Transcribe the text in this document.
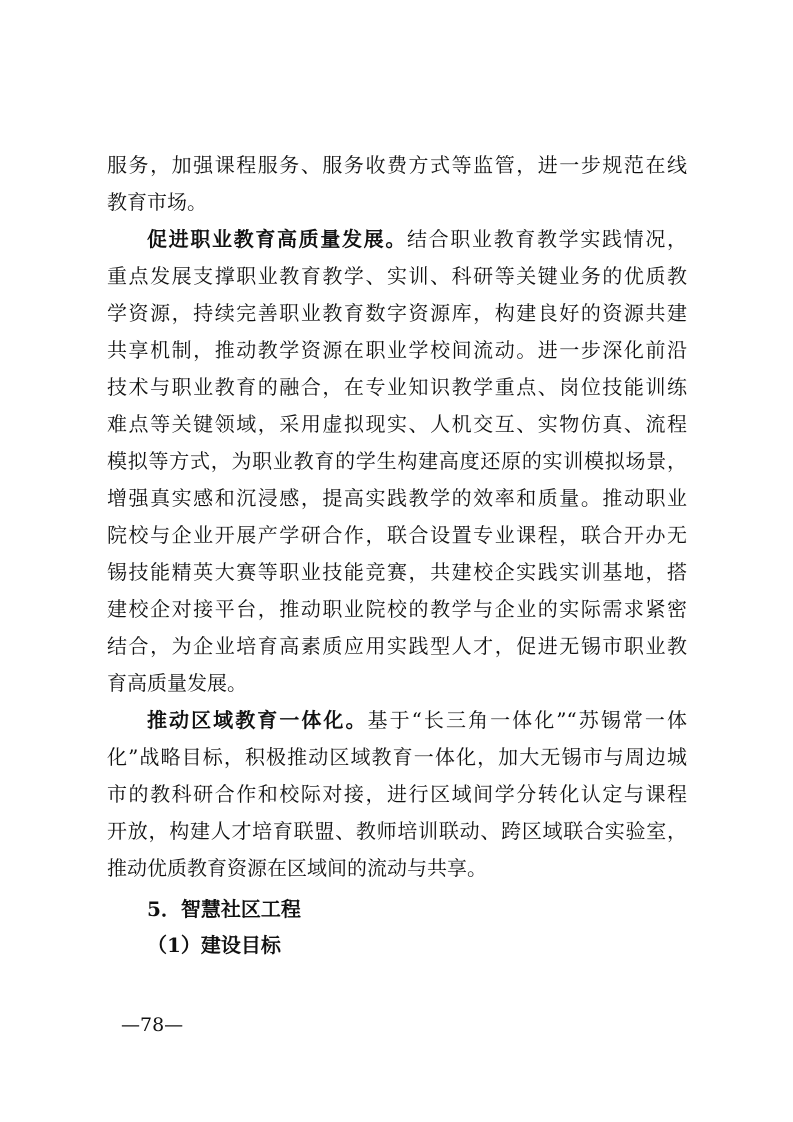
服务，加强课程服务、服务收费方式等监管，进一步规范在线
教育市场。
促进职业教育高质量发展。结合职业教育教学实践情况，
重点发展支撑职业教育教学、实训、科研等关键业务的优质教
学资源，持续完善职业教育数字资源库，构建良好的资源共建
共享机制，推动教学资源在职业学校间流动。进一步深化前沿
技术与职业教育的融合，在专业知识教学重点、岗位技能训练
难点等关键领域，采用虚拟现实、人机交互、实物仿真、流程
模拟等方式，为职业教育的学生构建高度还原的实训模拟场景，
增强真实感和沉浸感，提高实践教学的效率和质量。推动职业
院校与企业开展产学研合作，联合设置专业课程，联合开办无
锡技能精英大赛等职业技能竞赛，共建校企实践实训基地，搭
建校企对接平台，推动职业院校的教学与企业的实际需求紧密
结合，为企业培育高素质应用实践型人才，促进无锡市职业教
育高质量发展。
推动区域教育一体化。基于“长三角一体化”“苏锡常一体
化”战略目标，积极推动区域教育一体化，加大无锡市与周边城
市的教科研合作和校际对接，进行区域间学分转化认定与课程
开放，构建人才培育联盟、教师培训联动、跨区域联合实验室，
推动优质教育资源在区域间的流动与共享。
5．智慧社区工程
（1）建设目标
—78—
